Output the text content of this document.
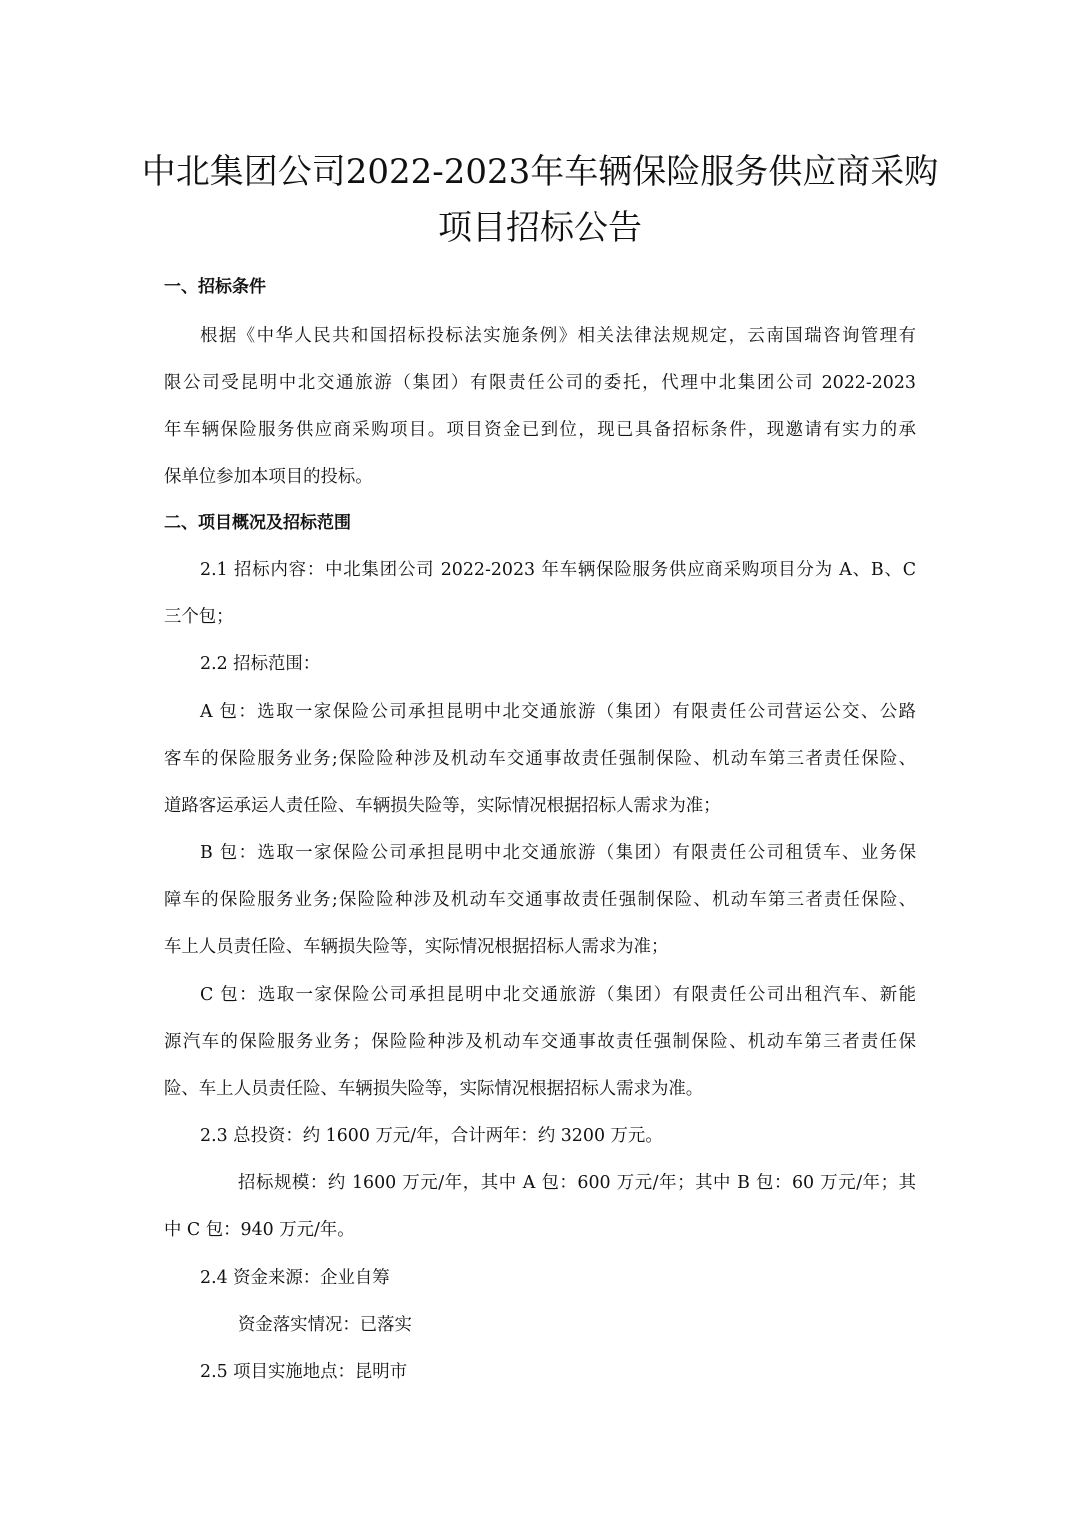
中北集团公司2022-2023年车辆保险服务供应商采购
项目招标公告
一、招标条件
根据《中华人民共和国招标投标法实施条例》相关法律法规规定，云南国瑞咨询管理有
限公司受昆明中北交通旅游（集团）有限责任公司的委托，代理中北集团公司 2022-2023
年车辆保险服务供应商采购项目。项目资金已到位，现已具备招标条件，现邀请有实力的承
保单位参加本项目的投标。
二、项目概况及招标范围
2.1 招标内容：中北集团公司 2022-2023 年车辆保险服务供应商采购项目分为 A、B、C
三个包；
2.2 招标范围：
A 包：选取一家保险公司承担昆明中北交通旅游（集团）有限责任公司营运公交、公路
客车的保险服务业务;保险险种涉及机动车交通事故责任强制保险、机动车第三者责任保险、
道路客运承运人责任险、车辆损失险等，实际情况根据招标人需求为准；
B 包：选取一家保险公司承担昆明中北交通旅游（集团）有限责任公司租赁车、业务保
障车的保险服务业务;保险险种涉及机动车交通事故责任强制保险、机动车第三者责任保险、
车上人员责任险、车辆损失险等，实际情况根据招标人需求为准；
C 包：选取一家保险公司承担昆明中北交通旅游（集团）有限责任公司出租汽车、新能
源汽车的保险服务业务；保险险种涉及机动车交通事故责任强制保险、机动车第三者责任保
险、车上人员责任险、车辆损失险等，实际情况根据招标人需求为准。
2.3 总投资：约 1600 万元/年，合计两年：约 3200 万元。
招标规模：约 1600 万元/年，其中 A 包：600 万元/年；其中 B 包：60 万元/年；其
中 C 包：940 万元/年。
2.4 资金来源：企业自筹
资金落实情况：已落实
2.5 项目实施地点：昆明市
